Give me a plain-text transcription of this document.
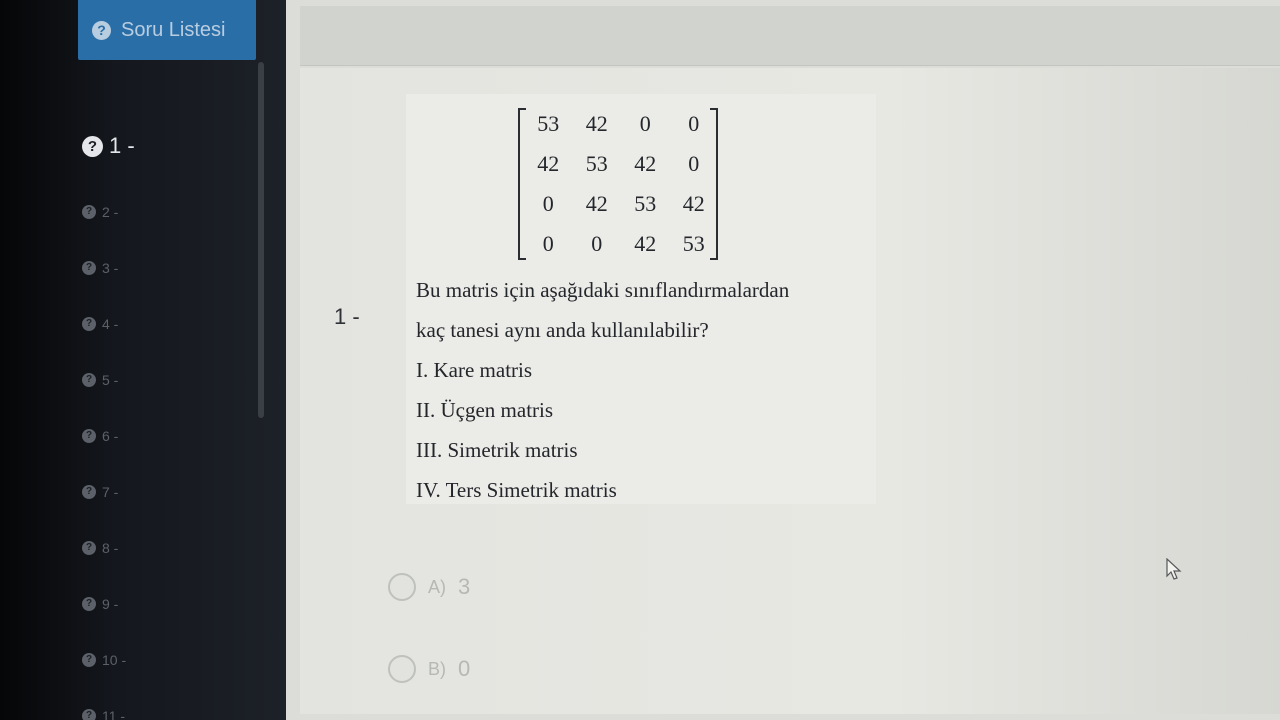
? Soru Listesi
? 1 -
? 2 -
? 3 -
? 4 -
? 5 -
? 6 -
? 7 -
? 8 -
? 9 -
? 10 -
? 11 -
1 -
53	42	0	0
42	53	42	0
0	42	53	42
0	0	42	53
Bu matris için aşağıdaki sınıflandırmalardan
kaç tanesi aynı anda kullanılabilir?
I. Kare matris
II. Üçgen matris
III. Simetrik matris
IV. Ters Simetrik matris
A) 3
B) 0
